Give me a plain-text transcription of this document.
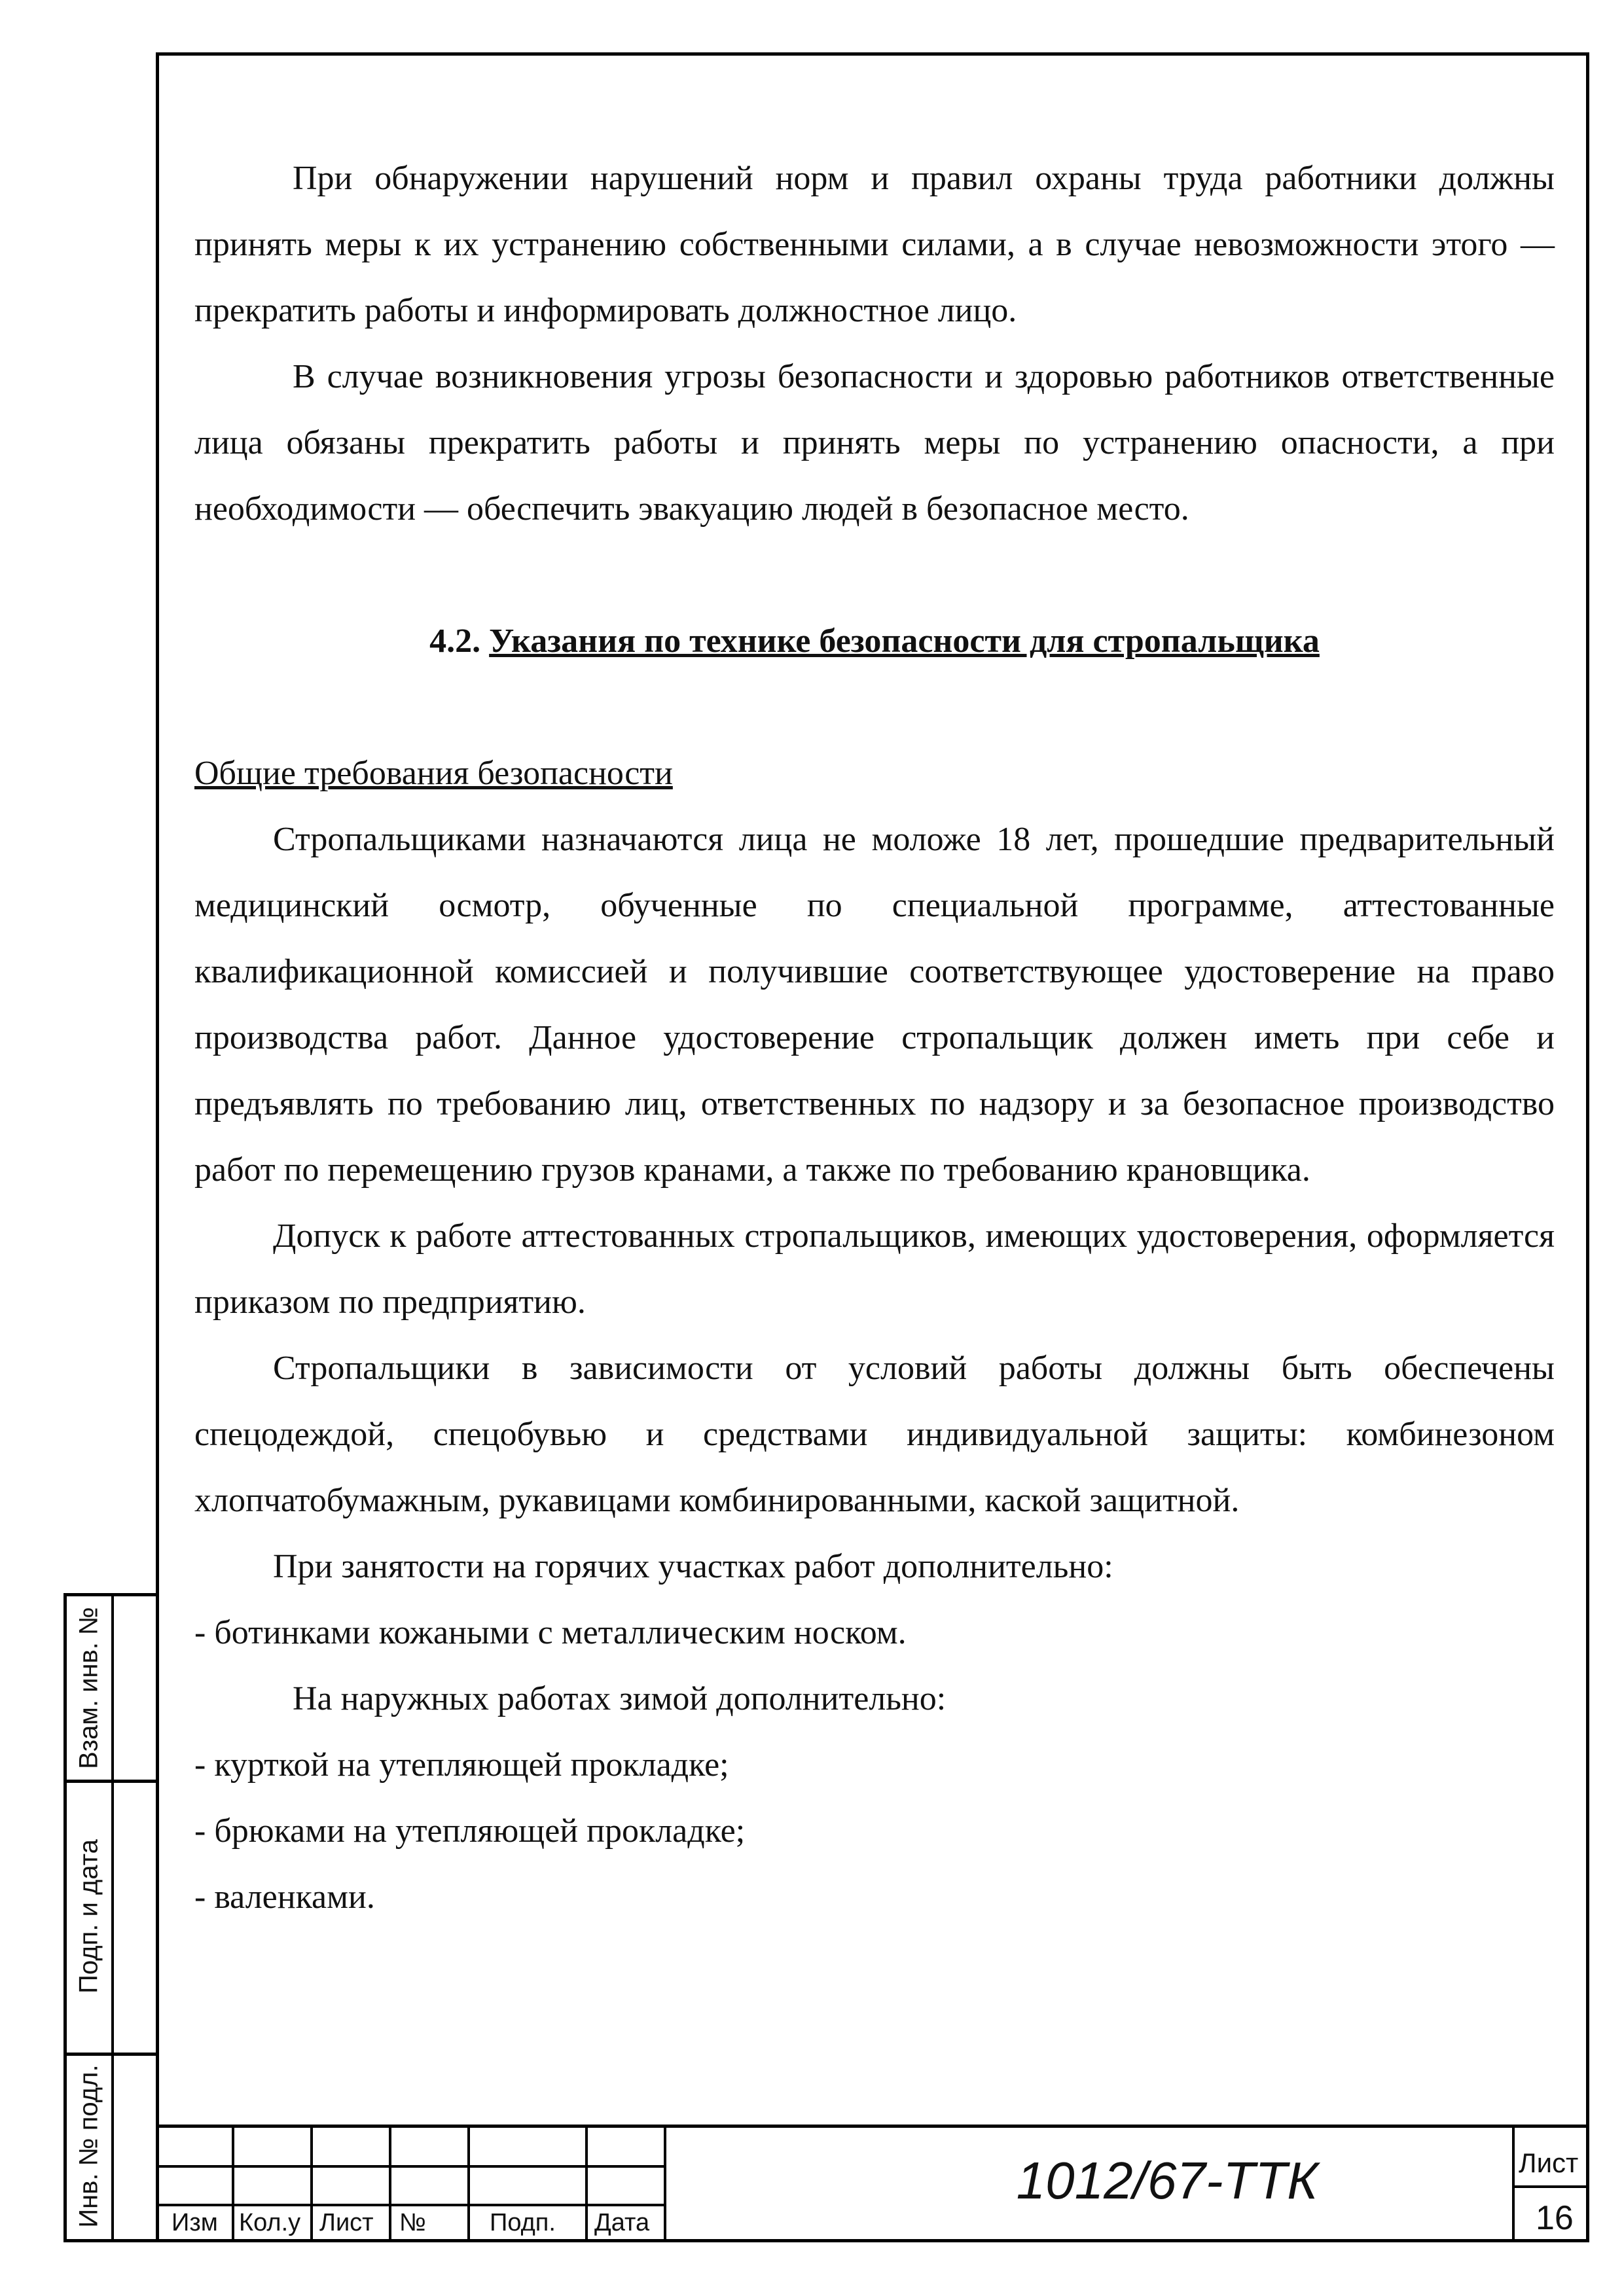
При обнаружении нарушений норм и правил охраны труда работники должны принять меры к их устранению собственными силами, а в случае невозможности этого — прекратить работы и информировать должностное лицо.

В случае возникновения угрозы безопасности и здоровью работников ответственные лица обязаны прекратить работы и принять меры по устранению опасности, а при необходимости — обеспечить эвакуацию людей в безопасное место.

4.2. Указания по технике безопасности для стропальщика

Общие требования безопасности

Стропальщиками назначаются лица не моложе 18 лет, прошедшие предварительный медицинский осмотр, обученные по специальной программе, аттестованные квалификационной комиссией и получившие соответствующее удостоверение на право производства работ. Данное удостоверение стропальщик должен иметь при себе и предъявлять по требованию лиц, ответственных по надзору и за безопасное производство работ по перемещению грузов кранами, а также по требованию крановщика.

Допуск к работе аттестованных стропальщиков, имеющих удостоверения, оформляется приказом по предприятию.

Стропальщики в зависимости от условий работы должны быть обеспечены спецодеждой, спецобувью и средствами индивидуальной защиты: комбинезоном хлопчатобумажным, рукавицами комбинированными, каской защитной.

При занятости на горячих участках работ дополнительно:

- ботинками кожаными с металлическим носком.

На наружных работах зимой дополнительно:

- курткой на утепляющей прокладке;

- брюками на утепляющей прокладке;

- валенками.

Взам. инв. №
Подп. и дата
Инв. № подл.	Изм Кол.у Лист №	Подп. Дата
1012/67-ТТК	Лист
16
